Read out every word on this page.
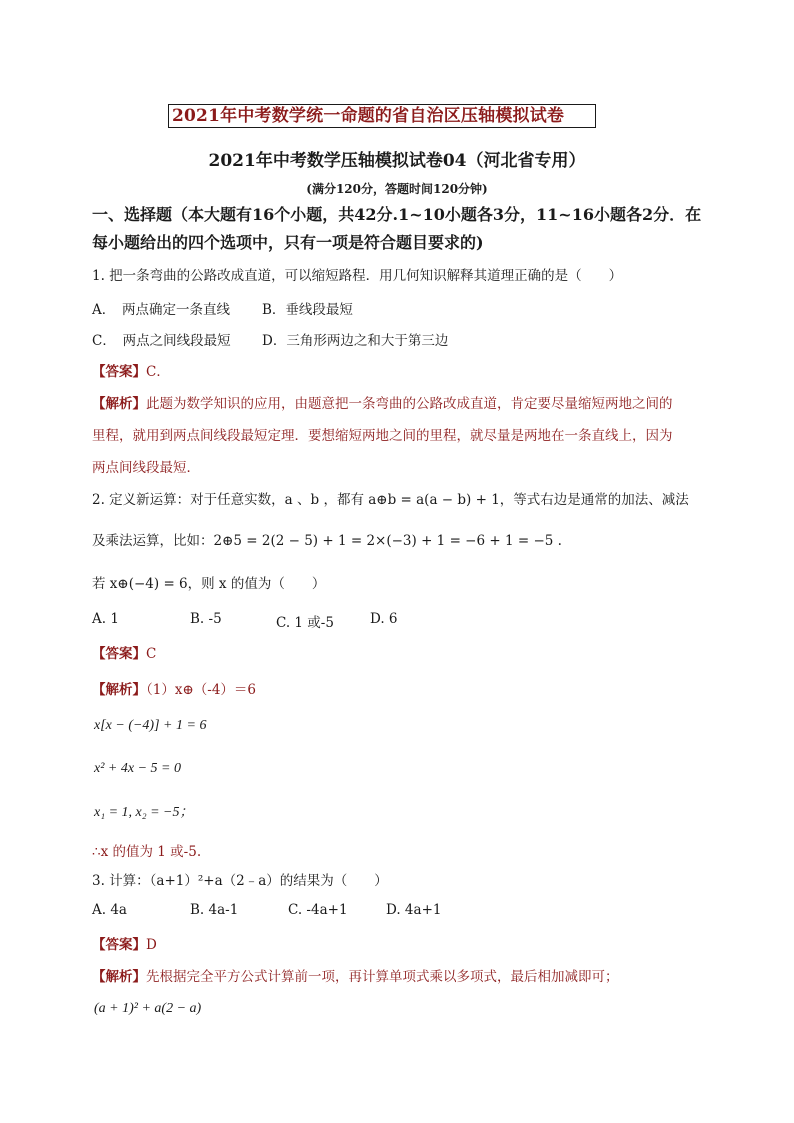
2021年中考数学统一命题的省自治区压轴模拟试卷
2021年中考数学压轴模拟试卷04（河北省专用）
(满分120分，答题时间120分钟)
一、选择题（本大题有16个小题，共42分.1~10小题各3分，11~16小题各2分．在
每小题给出的四个选项中，只有一项是符合题目要求的)
1. 把一条弯曲的公路改成直道，可以缩短路程．用几何知识解释其道理正确的是（　　）
A．　两点确定一条直线 B．垂线段最短
C．　两点之间线段最短 D．三角形两边之和大于第三边
【答案】C．
【解析】此题为数学知识的应用，由题意把一条弯曲的公路改成直道，肯定要尽量缩短两地之间的
里程，就用到两点间线段最短定理．要想缩短两地之间的里程，就尽量是两地在一条直线上，因为
两点间线段最短．
2. 定义新运算：对于任意实数，a 、b ，都有 a⊕b = a(a − b) + 1，等式右边是通常的加法、减法
及乘法运算，比如：2⊕5 = 2(2 − 5) + 1 = 2×(−3) + 1 = −6 + 1 = −5 .
若 x⊕(−4) = 6，则 x 的值为（　　）
A. 1	B. -5	C. 1 或-5	D. 6
【答案】C
【解析】（1）x⊕（-4）＝6
x[x − (−4)] + 1 = 6
x² + 4x − 5 = 0
x₁ = 1, x₂ = −5；
∴x 的值为 1 或-5.
3. 计算：（a+1）²+a（2﹣a）的结果为（　　）
A. 4a	B. 4a-1	C. -4a+1	D. 4a+1
【答案】D
【解析】先根据完全平方公式计算前一项，再计算单项式乘以多项式，最后相加减即可；
(a + 1)² + a(2 − a)
